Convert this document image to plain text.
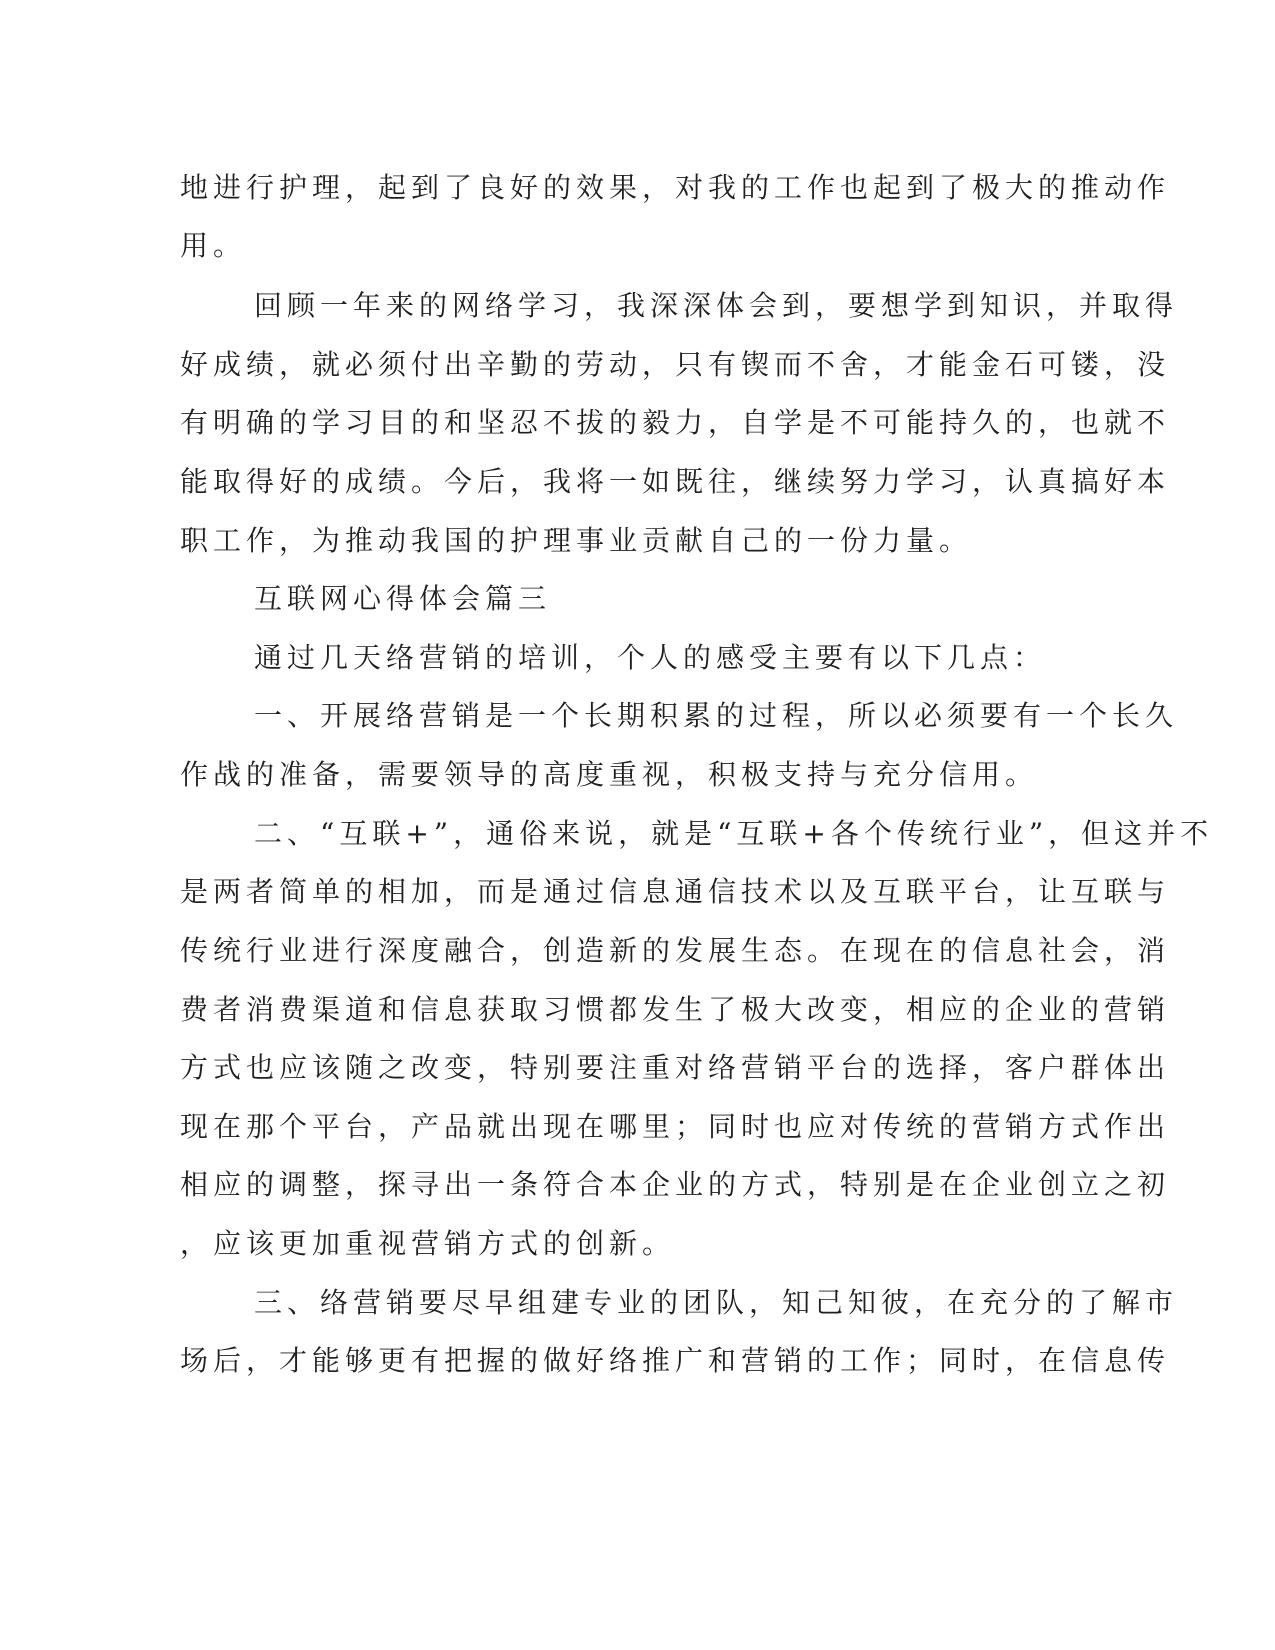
地进行护理，起到了良好的效果，对我的工作也起到了极大的推动作
用。
回顾一年来的网络学习，我深深体会到，要想学到知识，并取得
好成绩，就必须付出辛勤的劳动，只有锲而不舍，才能金石可镂，没
有明确的学习目的和坚忍不拔的毅力，自学是不可能持久的，也就不
能取得好的成绩。今后，我将一如既往，继续努力学习，认真搞好本
职工作，为推动我国的护理事业贡献自己的一份力量。
互联网心得体会篇三
通过几天络营销的培训，个人的感受主要有以下几点：
一、开展络营销是一个长期积累的过程，所以必须要有一个长久
作战的准备，需要领导的高度重视，积极支持与充分信用。
二、“互联+”，通俗来说，就是“互联+各个传统行业”，但这并不
是两者简单的相加，而是通过信息通信技术以及互联平台，让互联与
传统行业进行深度融合，创造新的发展生态。在现在的信息社会，消
费者消费渠道和信息获取习惯都发生了极大改变，相应的企业的营销
方式也应该随之改变，特别要注重对络营销平台的选择，客户群体出
现在那个平台，产品就出现在哪里；同时也应对传统的营销方式作出
相应的调整，探寻出一条符合本企业的方式，特别是在企业创立之初
，应该更加重视营销方式的创新。
三、络营销要尽早组建专业的团队，知己知彼，在充分的了解市
场后，才能够更有把握的做好络推广和营销的工作；同时，在信息传
